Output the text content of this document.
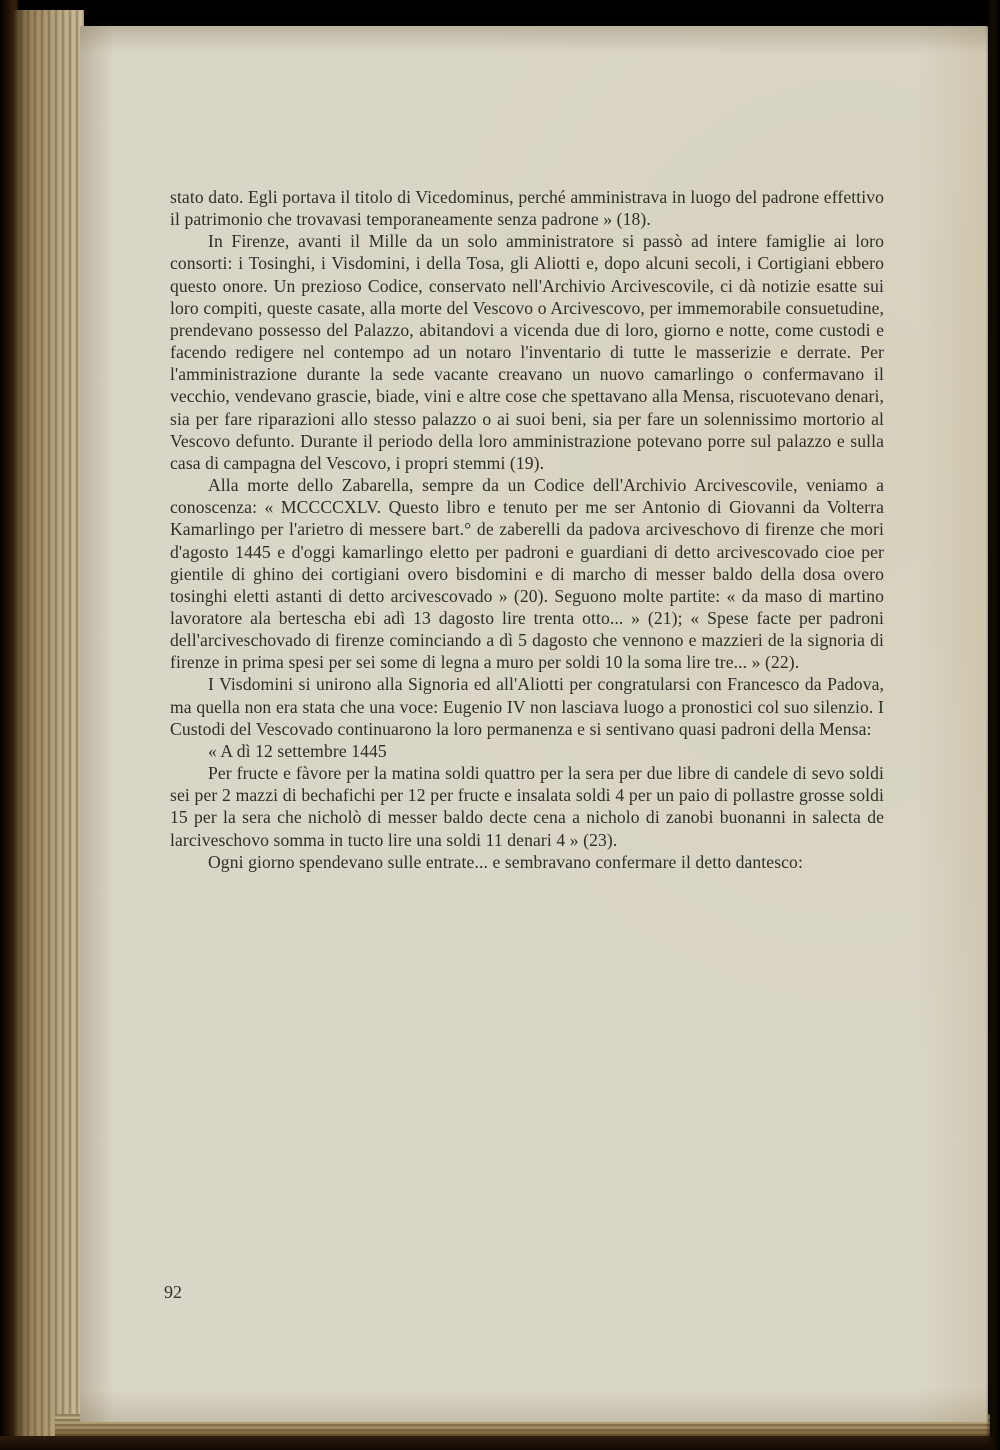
stato dato. Egli portava il titolo di Vicedominus, perché amministrava in luogo del padrone effettivo il patrimonio che trovavasi temporaneamente senza padrone » (18).

In Firenze, avanti il Mille da un solo amministratore si passò ad intere famiglie ai loro consorti: i Tosinghi, i Visdomini, i della Tosa, gli Aliotti e, dopo alcuni secoli, i Cortigiani ebbero questo onore. Un prezioso Codice, conservato nell'Archivio Arcivescovile, ci dà notizie esatte sui loro compiti, queste casate, alla morte del Vescovo o Arcivescovo, per immemorabile consuetudine, prendevano possesso del Palazzo, abitandovi a vicenda due di loro, giorno e notte, come custodi e facendo redigere nel contempo ad un notaro l'inventario di tutte le masserizie e derrate. Per l'amministrazione durante la sede vacante creavano un nuovo camarlingo o confermavano il vecchio, vendevano grascie, biade, vini e altre cose che spettavano alla Mensa, riscuotevano denari, sia per fare riparazioni allo stesso palazzo o ai suoi beni, sia per fare un solennissimo mortorio al Vescovo defunto. Durante il periodo della loro amministrazione potevano porre sul palazzo e sulla casa di campagna del Vescovo, i propri stemmi (19).

Alla morte dello Zabarella, sempre da un Codice dell'Archivio Arcivescovile, veniamo a conoscenza: « MCCCCXLV. Questo libro e tenuto per me ser Antonio di Giovanni da Volterra Kamarlingo per l'arietro di messere bart.° de zaberelli da padova arciveschovo di firenze che mori d'agosto 1445 e d'oggi kamarlingo eletto per padroni e guardiani di detto arcivescovado cioe per gientile di ghino dei cortigiani overo bisdomini e di marcho di messer baldo della dosa overo tosinghi eletti astanti di detto arcivescovado » (20). Seguono molte partite: « da maso di martino lavoratore ala bertescha ebi adì 13 dagosto lire trenta otto... » (21); « Spese facte per padroni dell'arciveschovado di firenze cominciando a dì 5 dagosto che vennono e mazzieri de la signoria di firenze in prima spesi per sei some di legna a muro per soldi 10 la soma lire tre... » (22).

I Visdomini si unirono alla Signoria ed all'Aliotti per congratularsi con Francesco da Padova, ma quella non era stata che una voce: Eugenio IV non lasciava luogo a pronostici col suo silenzio. I Custodi del Vescovado continuarono la loro permanenza e si sentivano quasi padroni della Mensa:

« A dì 12 settembre 1445

Per fructe e fàvore per la matina soldi quattro per la sera per due libre di candele di sevo soldi sei per 2 mazzi di bechafichi per 12 per fructe e insalata soldi 4 per un paio di pollastre grosse soldi 15 per la sera che nicholò di messer baldo decte cena a nicholo di zanobi buonanni in salecta de larciveschovo somma in tucto lire una soldi 11 denari 4 » (23).

Ogni giorno spendevano sulle entrate... e sembravano confermare il detto dantesco:

92
